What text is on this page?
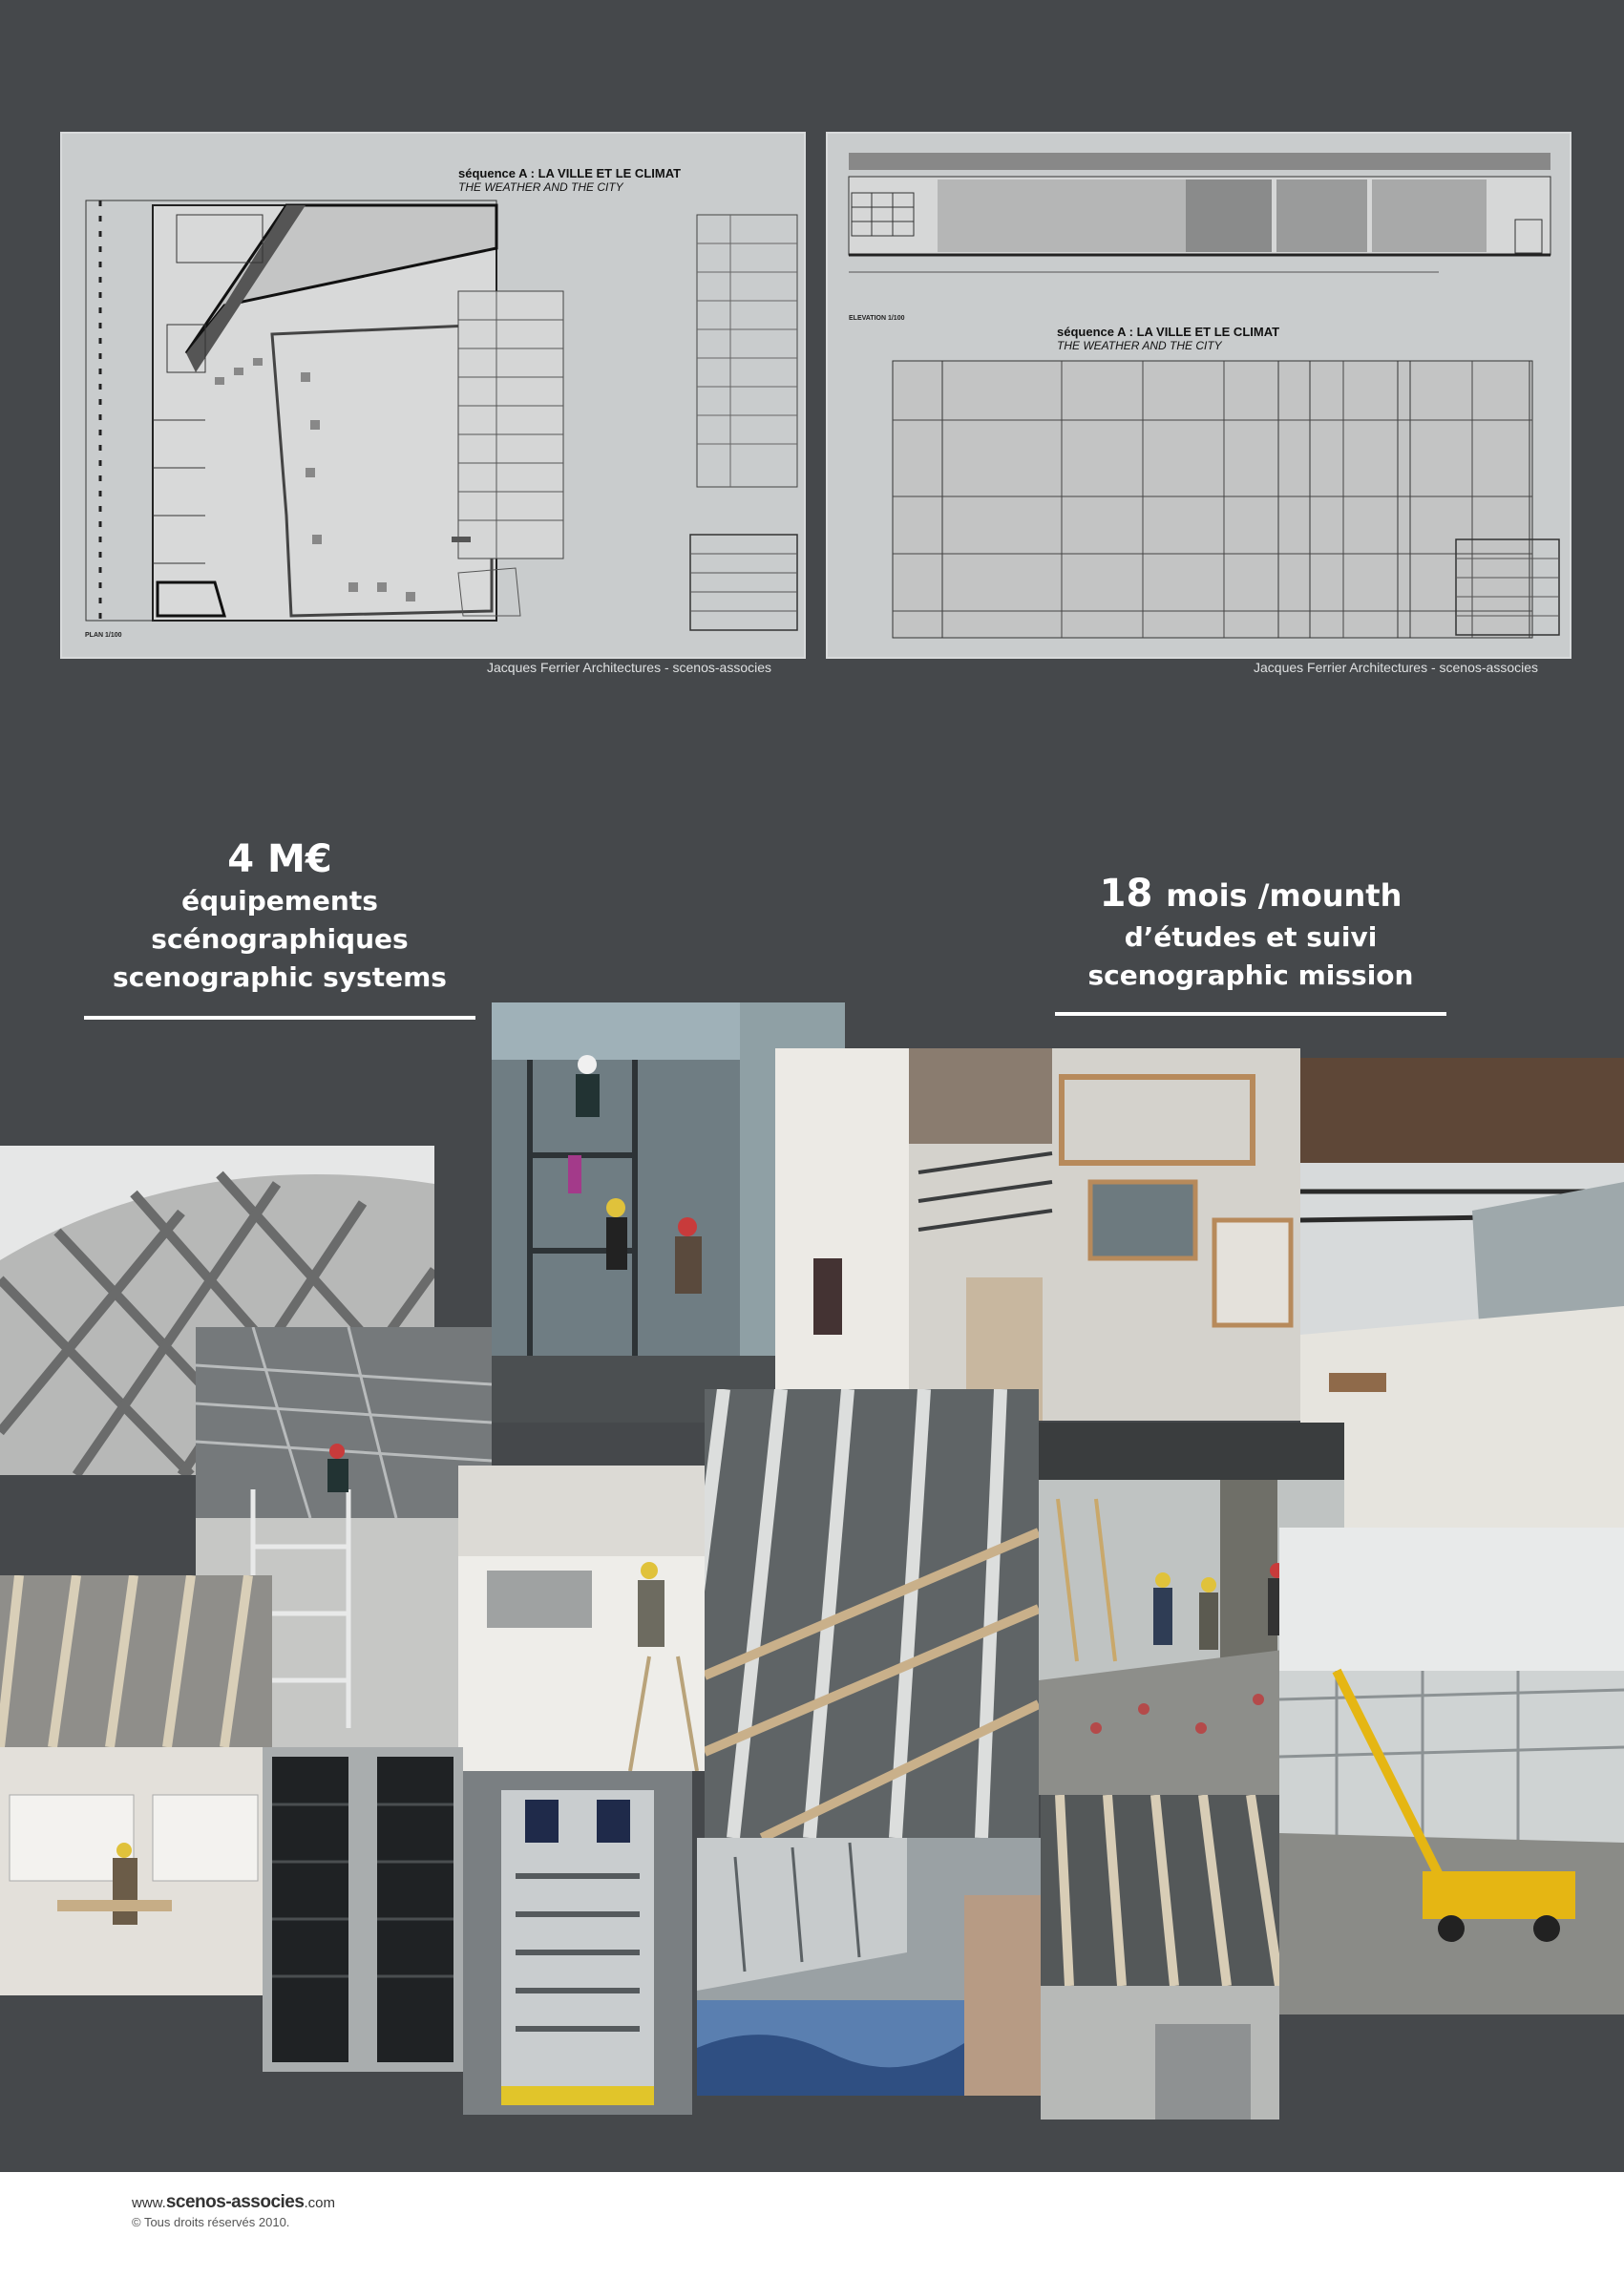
séquence A : LA VILLE ET LE CLIMAT
THE WEATHER AND THE CITY
PLAN 1/100
Jacques Ferrier Architectures - scenos-associes
séquence A : LA VILLE ET LE CLIMAT
THE WEATHER AND THE CITY
ELEVATION 1/100
Jacques Ferrier Architectures - scenos-associes
4 M€
équipements scénographiques
scenographic systems
18 mois /mounth
d’études et suivi
scenographic mission
www.scenos-associes.com
© Tous droits réservés 2010.
